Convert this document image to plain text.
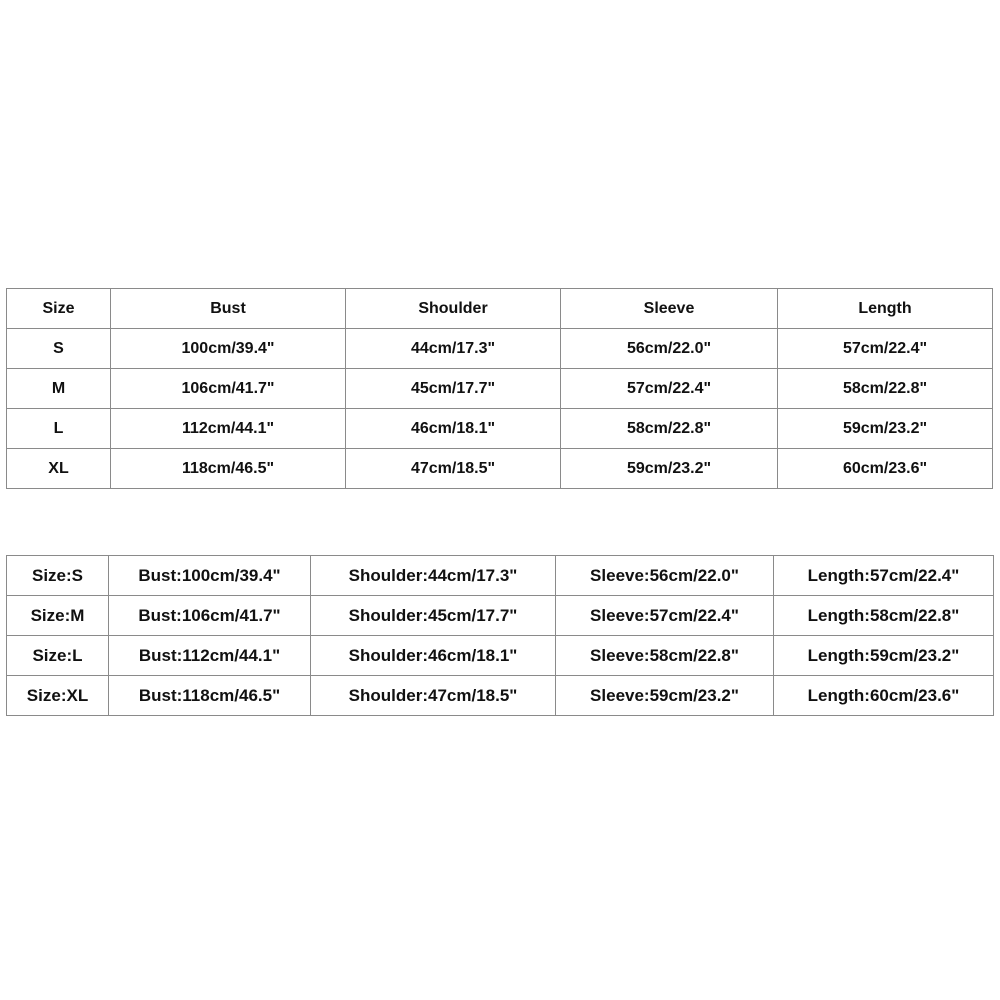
Size	Bust	Shoulder	Sleeve	Length
S	100cm/39.4"	44cm/17.3"	56cm/22.0"	57cm/22.4"
M	106cm/41.7"	45cm/17.7"	57cm/22.4"	58cm/22.8"
L	112cm/44.1"	46cm/18.1"	58cm/22.8"	59cm/23.2"
XL	118cm/46.5"	47cm/18.5"	59cm/23.2"	60cm/23.6"
Size:S	Bust:100cm/39.4"	Shoulder:44cm/17.3"	Sleeve:56cm/22.0"	Length:57cm/22.4"
Size:M	Bust:106cm/41.7"	Shoulder:45cm/17.7"	Sleeve:57cm/22.4"	Length:58cm/22.8"
Size:L	Bust:112cm/44.1"	Shoulder:46cm/18.1"	Sleeve:58cm/22.8"	Length:59cm/23.2"
Size:XL	Bust:118cm/46.5"	Shoulder:47cm/18.5"	Sleeve:59cm/23.2"	Length:60cm/23.6"
